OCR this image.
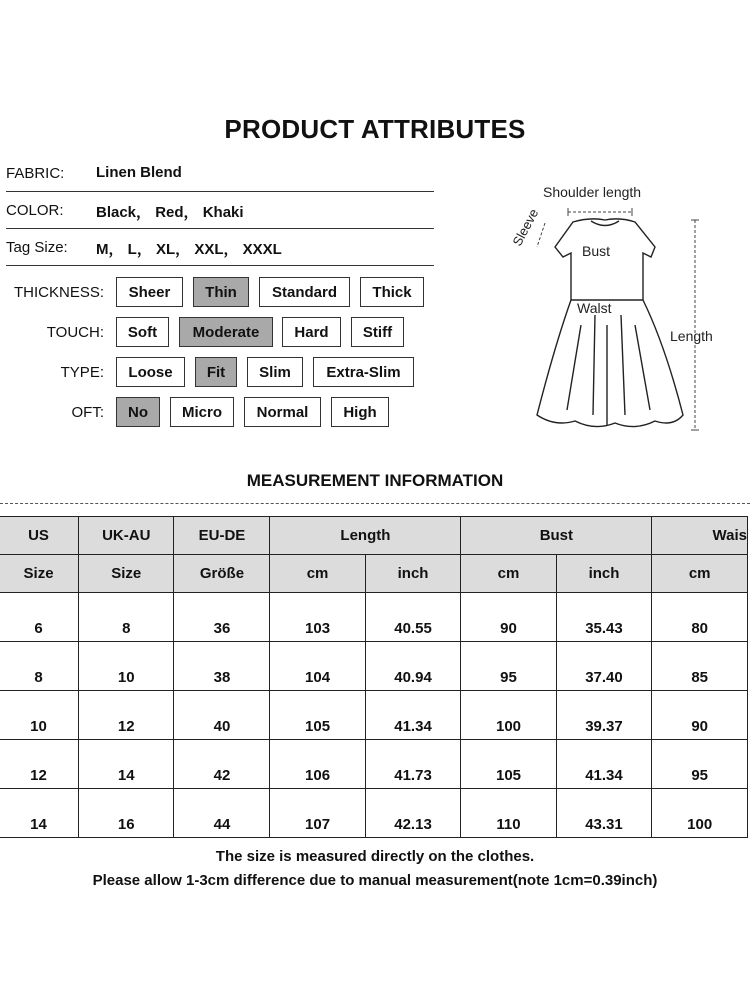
PRODUCT ATTRIBUTES
FABRIC: Linen Blend
COLOR: Black， Red， Khaki
Tag Size: M， L， XL， XXL， XXXL
THICKNESS:	Sheer	Thin	Standard	Thick
TOUCH:	Soft	Moderate	Hard	Stiff
TYPE:	Loose	Fit	Slim	Extra-Slim
OFT:	No	Micro	Normal	High
Shoulder length
Sleeve
Bust
Walst
Length
MEASUREMENT INFORMATION
US	UK-AU	EU-DE	Length		Bust		Wais
Size	Size	Größe	cm	inch	cm	inch	cm
6	8	36	103	40.55	90	35.43	80
8	10	38	104	40.94	95	37.40	85
10	12	40	105	41.34	100	39.37	90
12	14	42	106	41.73	105	41.34	95
14	16	44	107	42.13	110	43.31	100
The size is measured directly on the clothes.
Please allow 1-3cm difference due to manual measurement(note 1cm=0.39inch)
